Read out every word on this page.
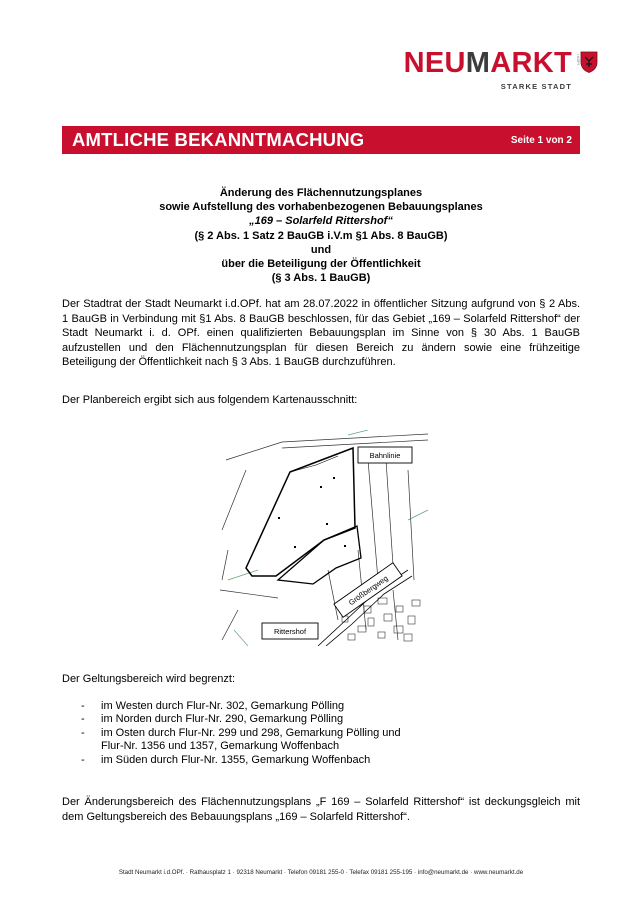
NEUMARKT i.d.OPf.
STARKE STADT
AMTLICHE BEKANNTMACHUNG	Seite 1 von 2
Änderung des Flächennutzungsplanes
sowie Aufstellung des vorhabenbezogenen Bebauungsplanes
„169 – Solarfeld Rittershof“
(§ 2 Abs. 1 Satz 2 BauGB i.V.m §1 Abs. 8 BauGB)
und
über die Beteiligung der Öffentlichkeit
(§ 3 Abs. 1 BauGB)
Der Stadtrat der Stadt Neumarkt i.d.OPf. hat am 28.07.2022 in öffentlicher Sitzung aufgrund von § 2 Abs. 1 BauGB in Verbindung mit §1 Abs. 8 BauGB beschlossen, für das Gebiet „169 – Solarfeld Rittershof“ der Stadt Neumarkt i. d. OPf. einen qualifizierten Bebauungsplan im Sinne von § 30 Abs. 1 BauGB aufzustellen und den Flächennutzungsplan für diesen Bereich zu ändern sowie eine frühzeitige Beteiligung der Öffentlichkeit nach § 3 Abs. 1 BauGB durchzuführen.
Der Planbereich ergibt sich aus folgendem Kartenausschnitt:
Bahnlinie
Größbergweg
Rittershof
Der Geltungsbereich wird begrenzt:
- im Westen durch Flur-Nr. 302, Gemarkung Pölling
- im Norden durch Flur-Nr. 290, Gemarkung Pölling
- im Osten durch Flur-Nr. 299 und 298, Gemarkung Pölling und
Flur-Nr. 1356 und 1357, Gemarkung Woffenbach
- im Süden durch Flur-Nr. 1355, Gemarkung Woffenbach
Der Änderungsbereich des Flächennutzungsplans „F 169 – Solarfeld Rittershof“ ist deckungsgleich mit dem Geltungsbereich des Bebauungsplans „169 – Solarfeld Rittershof“.
Stadt Neumarkt i.d.OPf. · Rathausplatz 1 · 92318 Neumarkt · Telefon 09181 255-0 · Telefax 09181 255-195 · info@neumarkt.de · www.neumarkt.de
